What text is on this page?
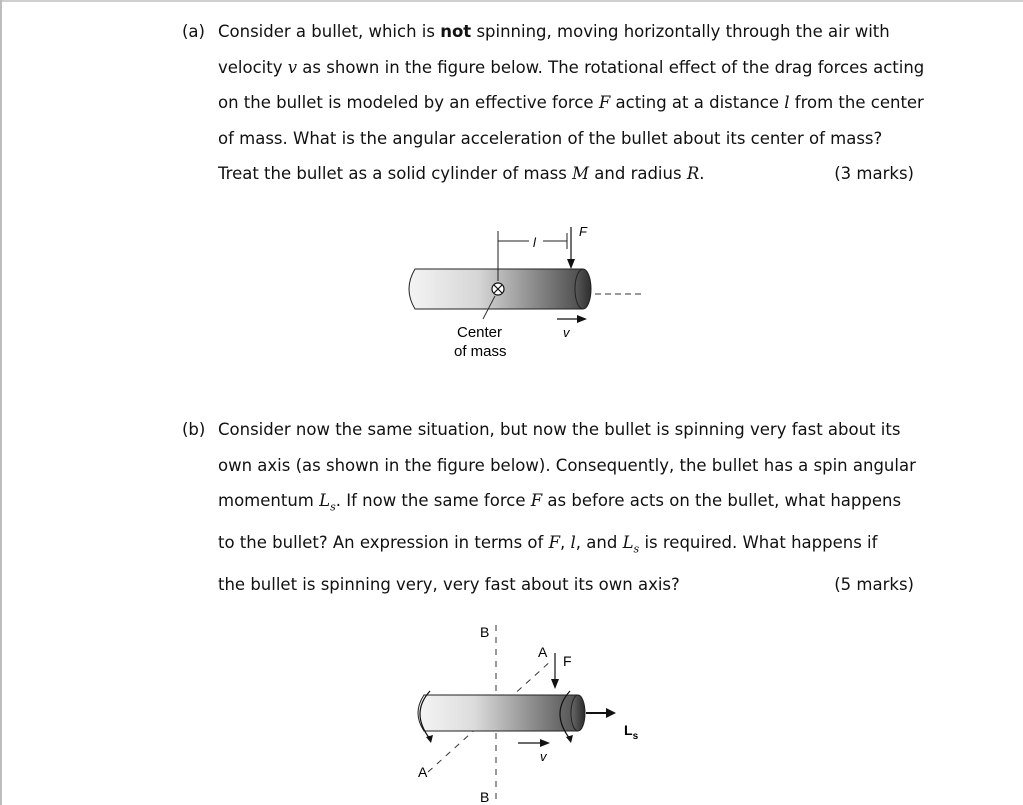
(a) Consider a bullet, which is not spinning, moving horizontally through the air with
velocity v as shown in the figure below. The rotational effect of the drag forces acting
on the bullet is modeled by an effective force F acting at a distance l from the center
of mass. What is the angular acceleration of the bullet about its center of mass?
Treat the bullet as a solid cylinder of mass M and radius R.	(3 marks)
l
F
v
Center
of mass
(b) Consider now the same situation, but now the bullet is spinning very fast about its
own axis (as shown in the figure below). Consequently, the bullet has a spin angular
momentum $L_s$. If now the same force F as before acts on the bullet, what happens
to the bullet? An expression in terms of F, l, and $L_s$ is required. What happens if
the bullet is spinning very, very fast about its own axis?	(5 marks)
B
B
A
A
$L_s$
F
v
